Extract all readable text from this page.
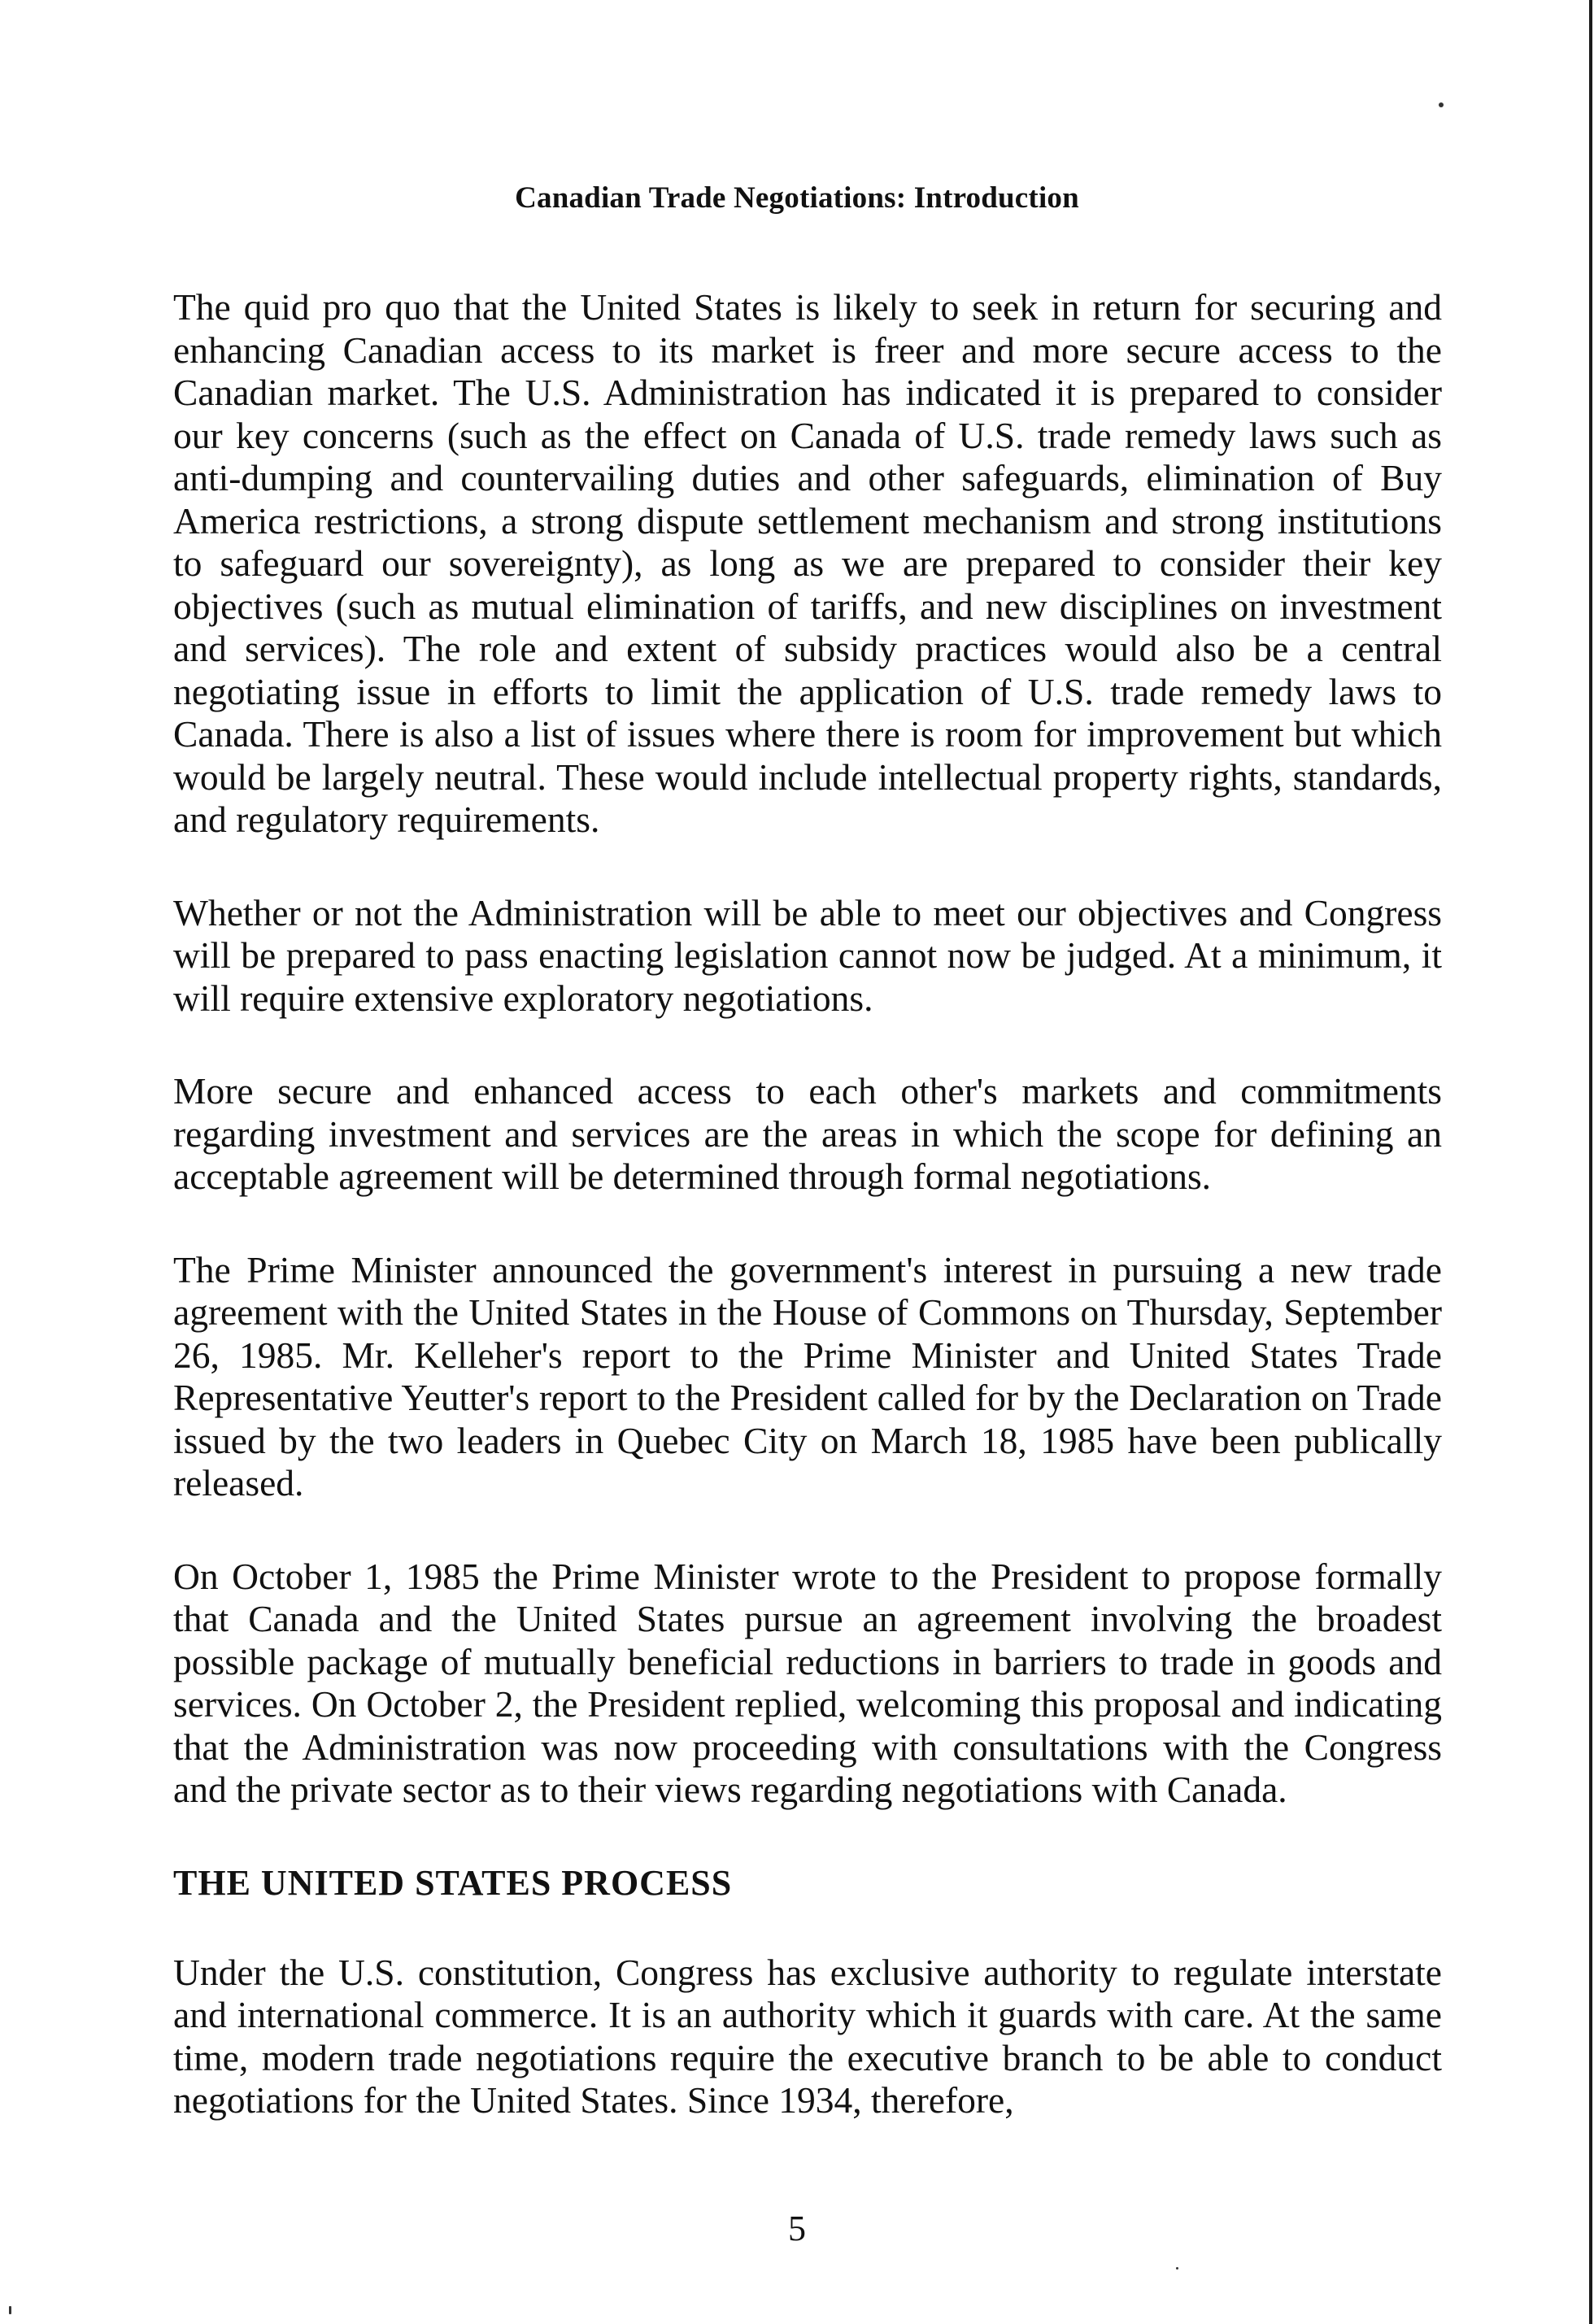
Canadian Trade Negotiations: Introduction

The quid pro quo that the United States is likely to seek in return for securing and enhancing Canadian access to its market is freer and more secure access to the Canadian market. The U.S. Administration has indicated it is prepared to consider our key concerns (such as the effect on Canada of U.S. trade remedy laws such as anti-dumping and countervailing duties and other safeguards, elimination of Buy America restrictions, a strong dispute settlement mechanism and strong institutions to safeguard our sovereignty), as long as we are prepared to consider their key objectives (such as mutual elimination of tariffs, and new disciplines on investment and services). The role and extent of subsidy practices would also be a central negotiating issue in efforts to limit the application of U.S. trade remedy laws to Canada. There is also a list of issues where there is room for improvement but which would be largely neutral. These would include intellectual property rights, standards, and regulatory requirements.

Whether or not the Administration will be able to meet our objectives and Congress will be prepared to pass enacting legislation cannot now be judged. At a minimum, it will require extensive exploratory negotiations.

More secure and enhanced access to each other's markets and commitments regarding investment and services are the areas in which the scope for defining an acceptable agreement will be determined through formal negotiations.

The Prime Minister announced the government's interest in pursuing a new trade agreement with the United States in the House of Commons on Thursday, September 26, 1985. Mr. Kelleher's report to the Prime Minister and United States Trade Representative Yeutter's report to the President called for by the Declaration on Trade issued by the two leaders in Quebec City on March 18, 1985 have been publically released.

On October 1, 1985 the Prime Minister wrote to the President to propose formally that Canada and the United States pursue an agreement involving the broadest possible package of mutually beneficial reductions in barriers to trade in goods and services. On October 2, the President replied, welcoming this proposal and indicating that the Administration was now proceeding with consultations with the Congress and the private sector as to their views regarding negotiations with Canada.

THE UNITED STATES PROCESS

Under the U.S. constitution, Congress has exclusive authority to regulate interstate and international commerce. It is an authority which it guards with care. At the same time, modern trade negotiations require the executive branch to be able to conduct negotiations for the United States. Since 1934, therefore,

5
